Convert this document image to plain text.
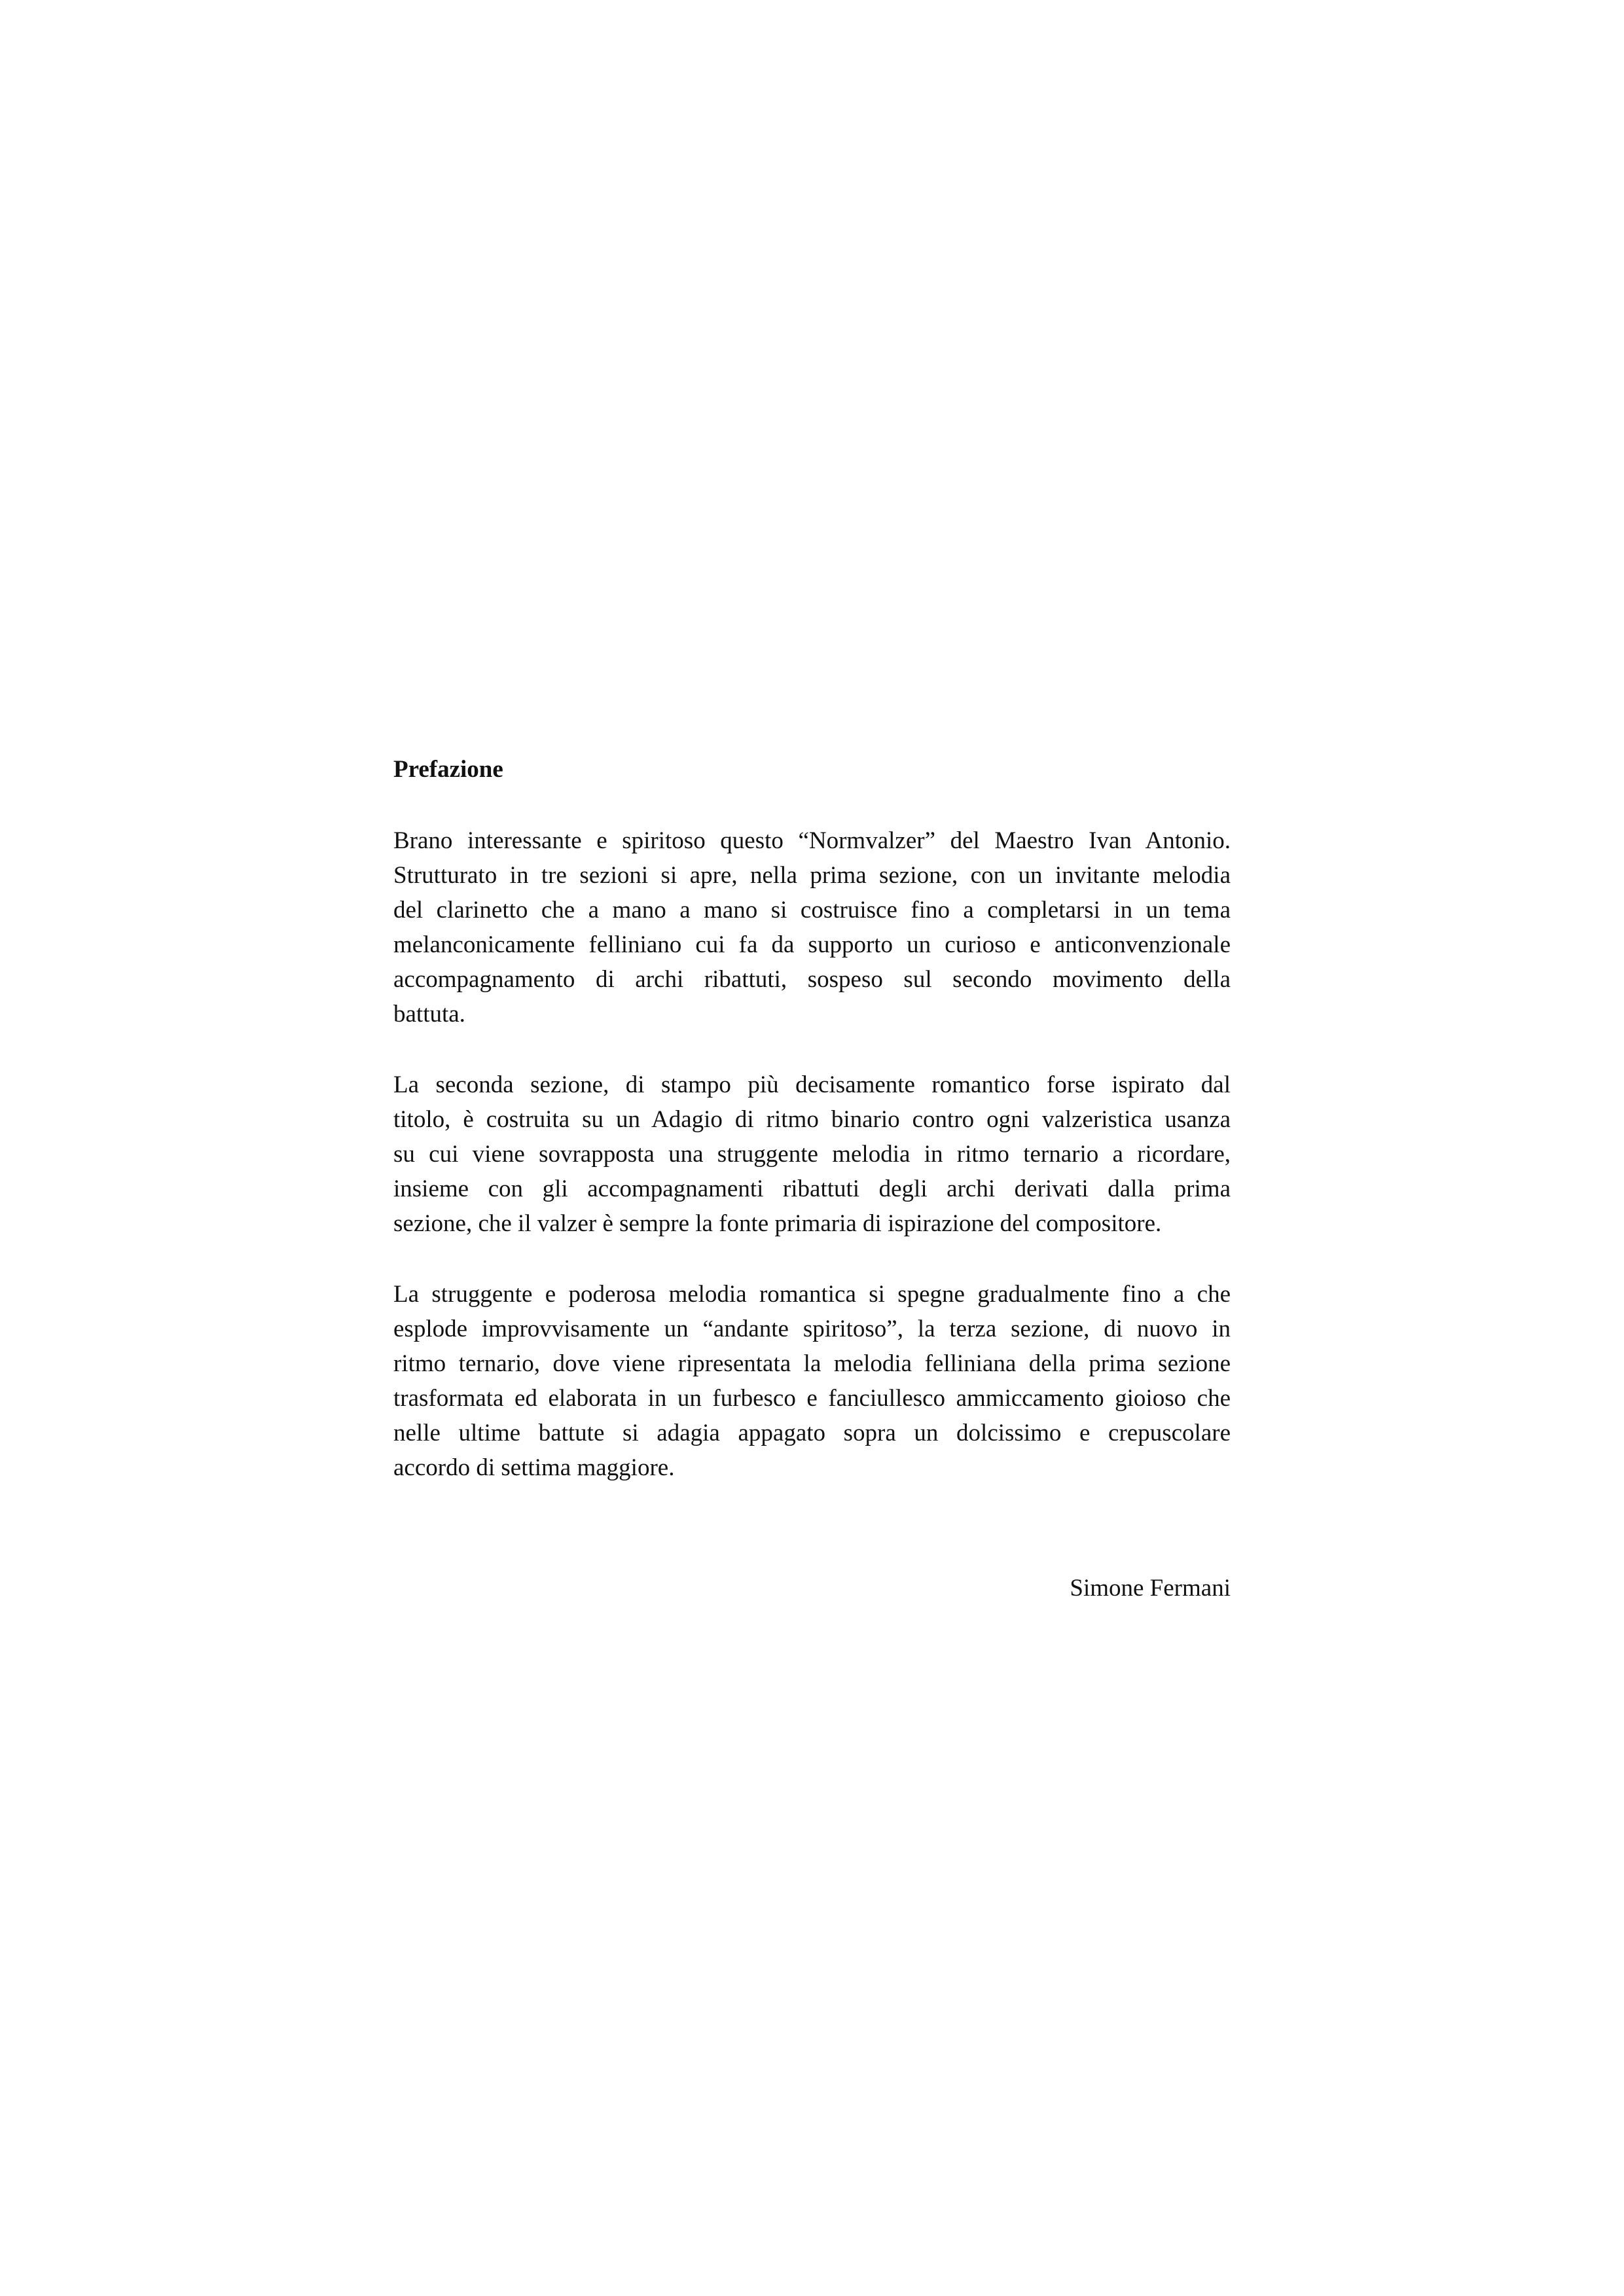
Prefazione
Brano interessante e spiritoso questo “Normvalzer” del Maestro Ivan Antonio.
Strutturato in tre sezioni si apre, nella prima sezione, con un invitante melodia
del clarinetto che a mano a mano si costruisce fino a completarsi in un tema
melanconicamente felliniano cui fa da supporto un curioso e anticonvenzionale
accompagnamento di archi ribattuti, sospeso sul secondo movimento della
battuta.
La seconda sezione, di stampo più decisamente romantico forse ispirato dal
titolo, è costruita su un Adagio di ritmo binario contro ogni valzeristica usanza
su cui viene sovrapposta una struggente melodia in ritmo ternario a ricordare,
insieme con gli accompagnamenti ribattuti degli archi derivati dalla prima
sezione, che il valzer è sempre la fonte primaria di ispirazione del compositore.
La struggente e poderosa melodia romantica si spegne gradualmente fino a che
esplode improvvisamente un “andante spiritoso”, la terza sezione, di nuovo in
ritmo ternario, dove viene ripresentata la melodia felliniana della prima sezione
trasformata ed elaborata in un furbesco e fanciullesco ammiccamento gioioso che
nelle ultime battute si adagia appagato sopra un dolcissimo e crepuscolare
accordo di settima maggiore.
Simone Fermani
